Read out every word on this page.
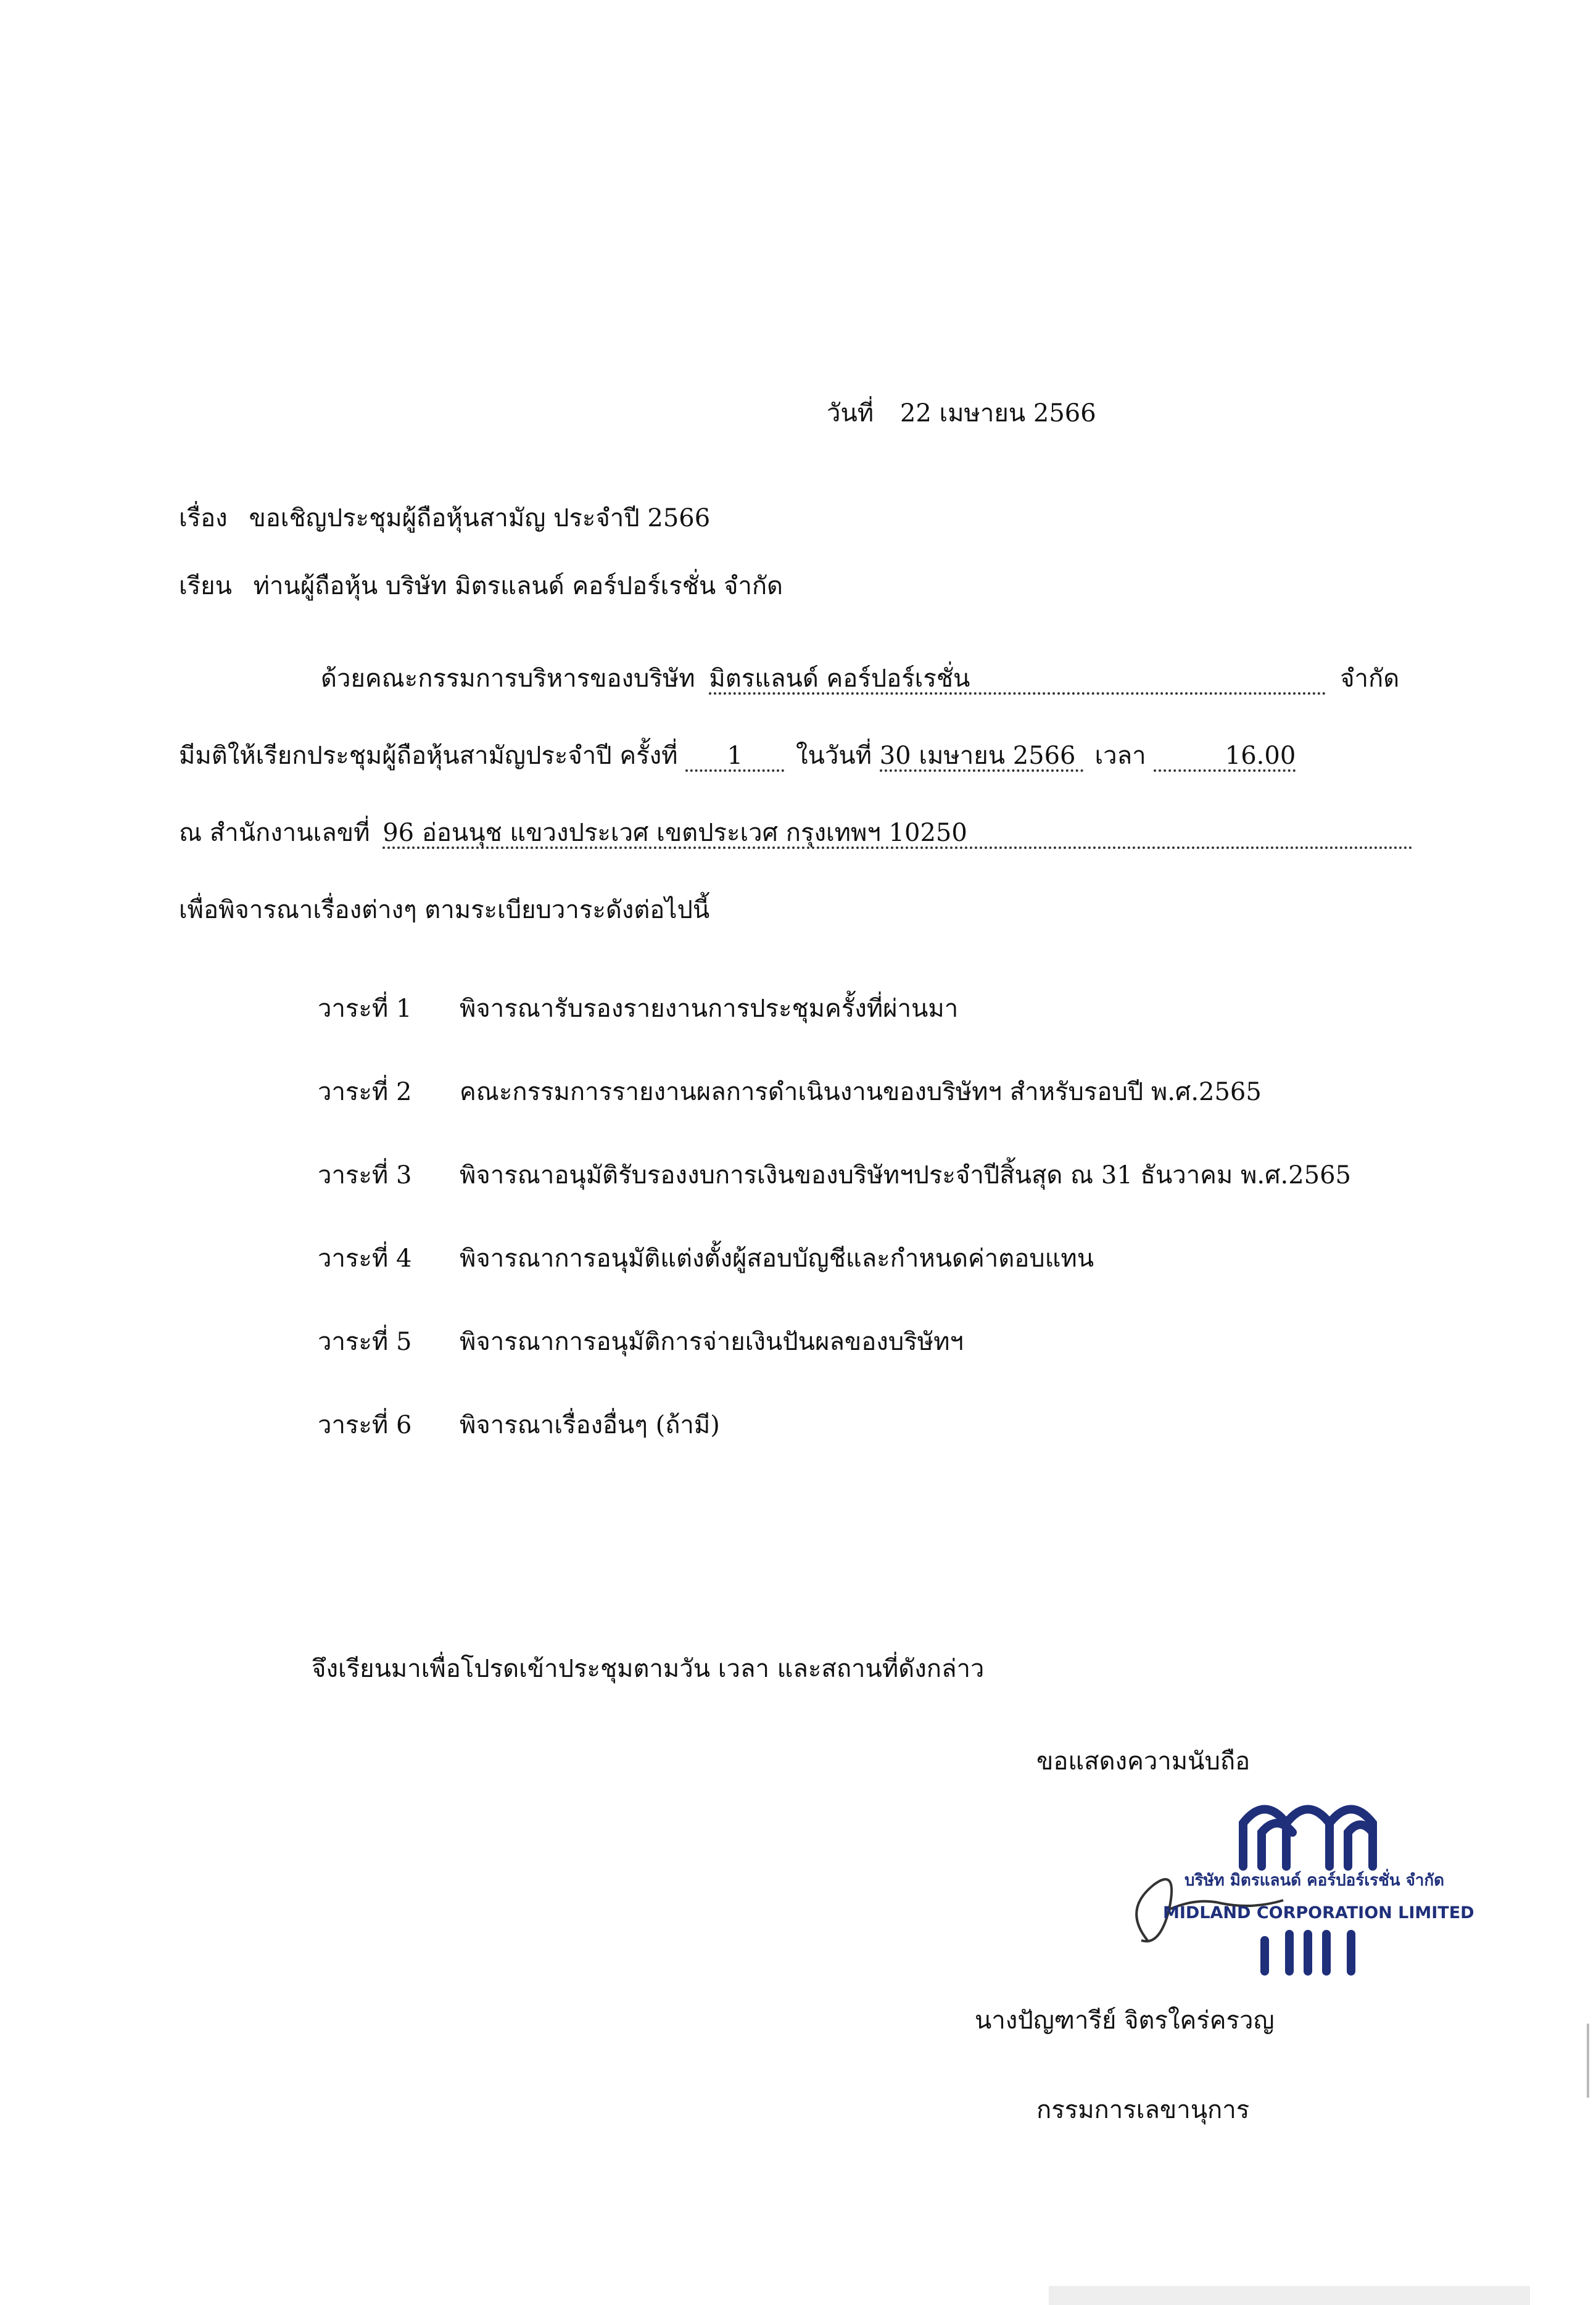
วันที่ 22 เมษายน 2566
เรื่อง ขอเชิญประชุมผู้ถือหุ้นสามัญ ประจำปี 2566
เรียน ท่านผู้ถือหุ้น บริษัท มิตรแลนด์ คอร์ปอร์เรชั่น จำกัด
ด้วยคณะกรรมการบริหารของบริษัท มิตรแลนด์ คอร์ปอร์เรชั่น	จำกัด
มีมติให้เรียกประชุมผู้ถือหุ้นสามัญประจำปี ครั้งที่ 1 ในวันที่ 30 เมษายน 2566 เวลา	16.00
ณ สำนักงานเลขที่ 96 อ่อนนุช แขวงประเวศ เขตประเวศ กรุงเทพฯ 10250
เพื่อพิจารณาเรื่องต่างๆ ตามระเบียบวาระดังต่อไปนี้
วาระที่ 1 พิจารณารับรองรายงานการประชุมครั้งที่ผ่านมา
วาระที่ 2 คณะกรรมการรายงานผลการดำเนินงานของบริษัทฯ สำหรับรอบปี พ.ศ.2565
วาระที่ 3 พิจารณาอนุมัติรับรองงบการเงินของบริษัทฯประจำปีสิ้นสุด ณ 31 ธันวาคม พ.ศ.2565
วาระที่ 4 พิจารณาการอนุมัติแต่งตั้งผู้สอบบัญชีและกำหนดค่าตอบแทน
วาระที่ 5 พิจารณาการอนุมัติการจ่ายเงินปันผลของบริษัทฯ
วาระที่ 6 พิจารณาเรื่องอื่นๆ (ถ้ามี)
จึงเรียนมาเพื่อโปรดเข้าประชุมตามวัน เวลา และสถานที่ดังกล่าว
ขอแสดงความนับถือ
บริษัท มิตรแลนด์ คอร์ปอร์เรชั่น จำกัด
MIDLAND CORPORATION LIMITED
นางปัญฑารีย์ จิตรใคร่ครวญ
กรรมการเลขานุการ
